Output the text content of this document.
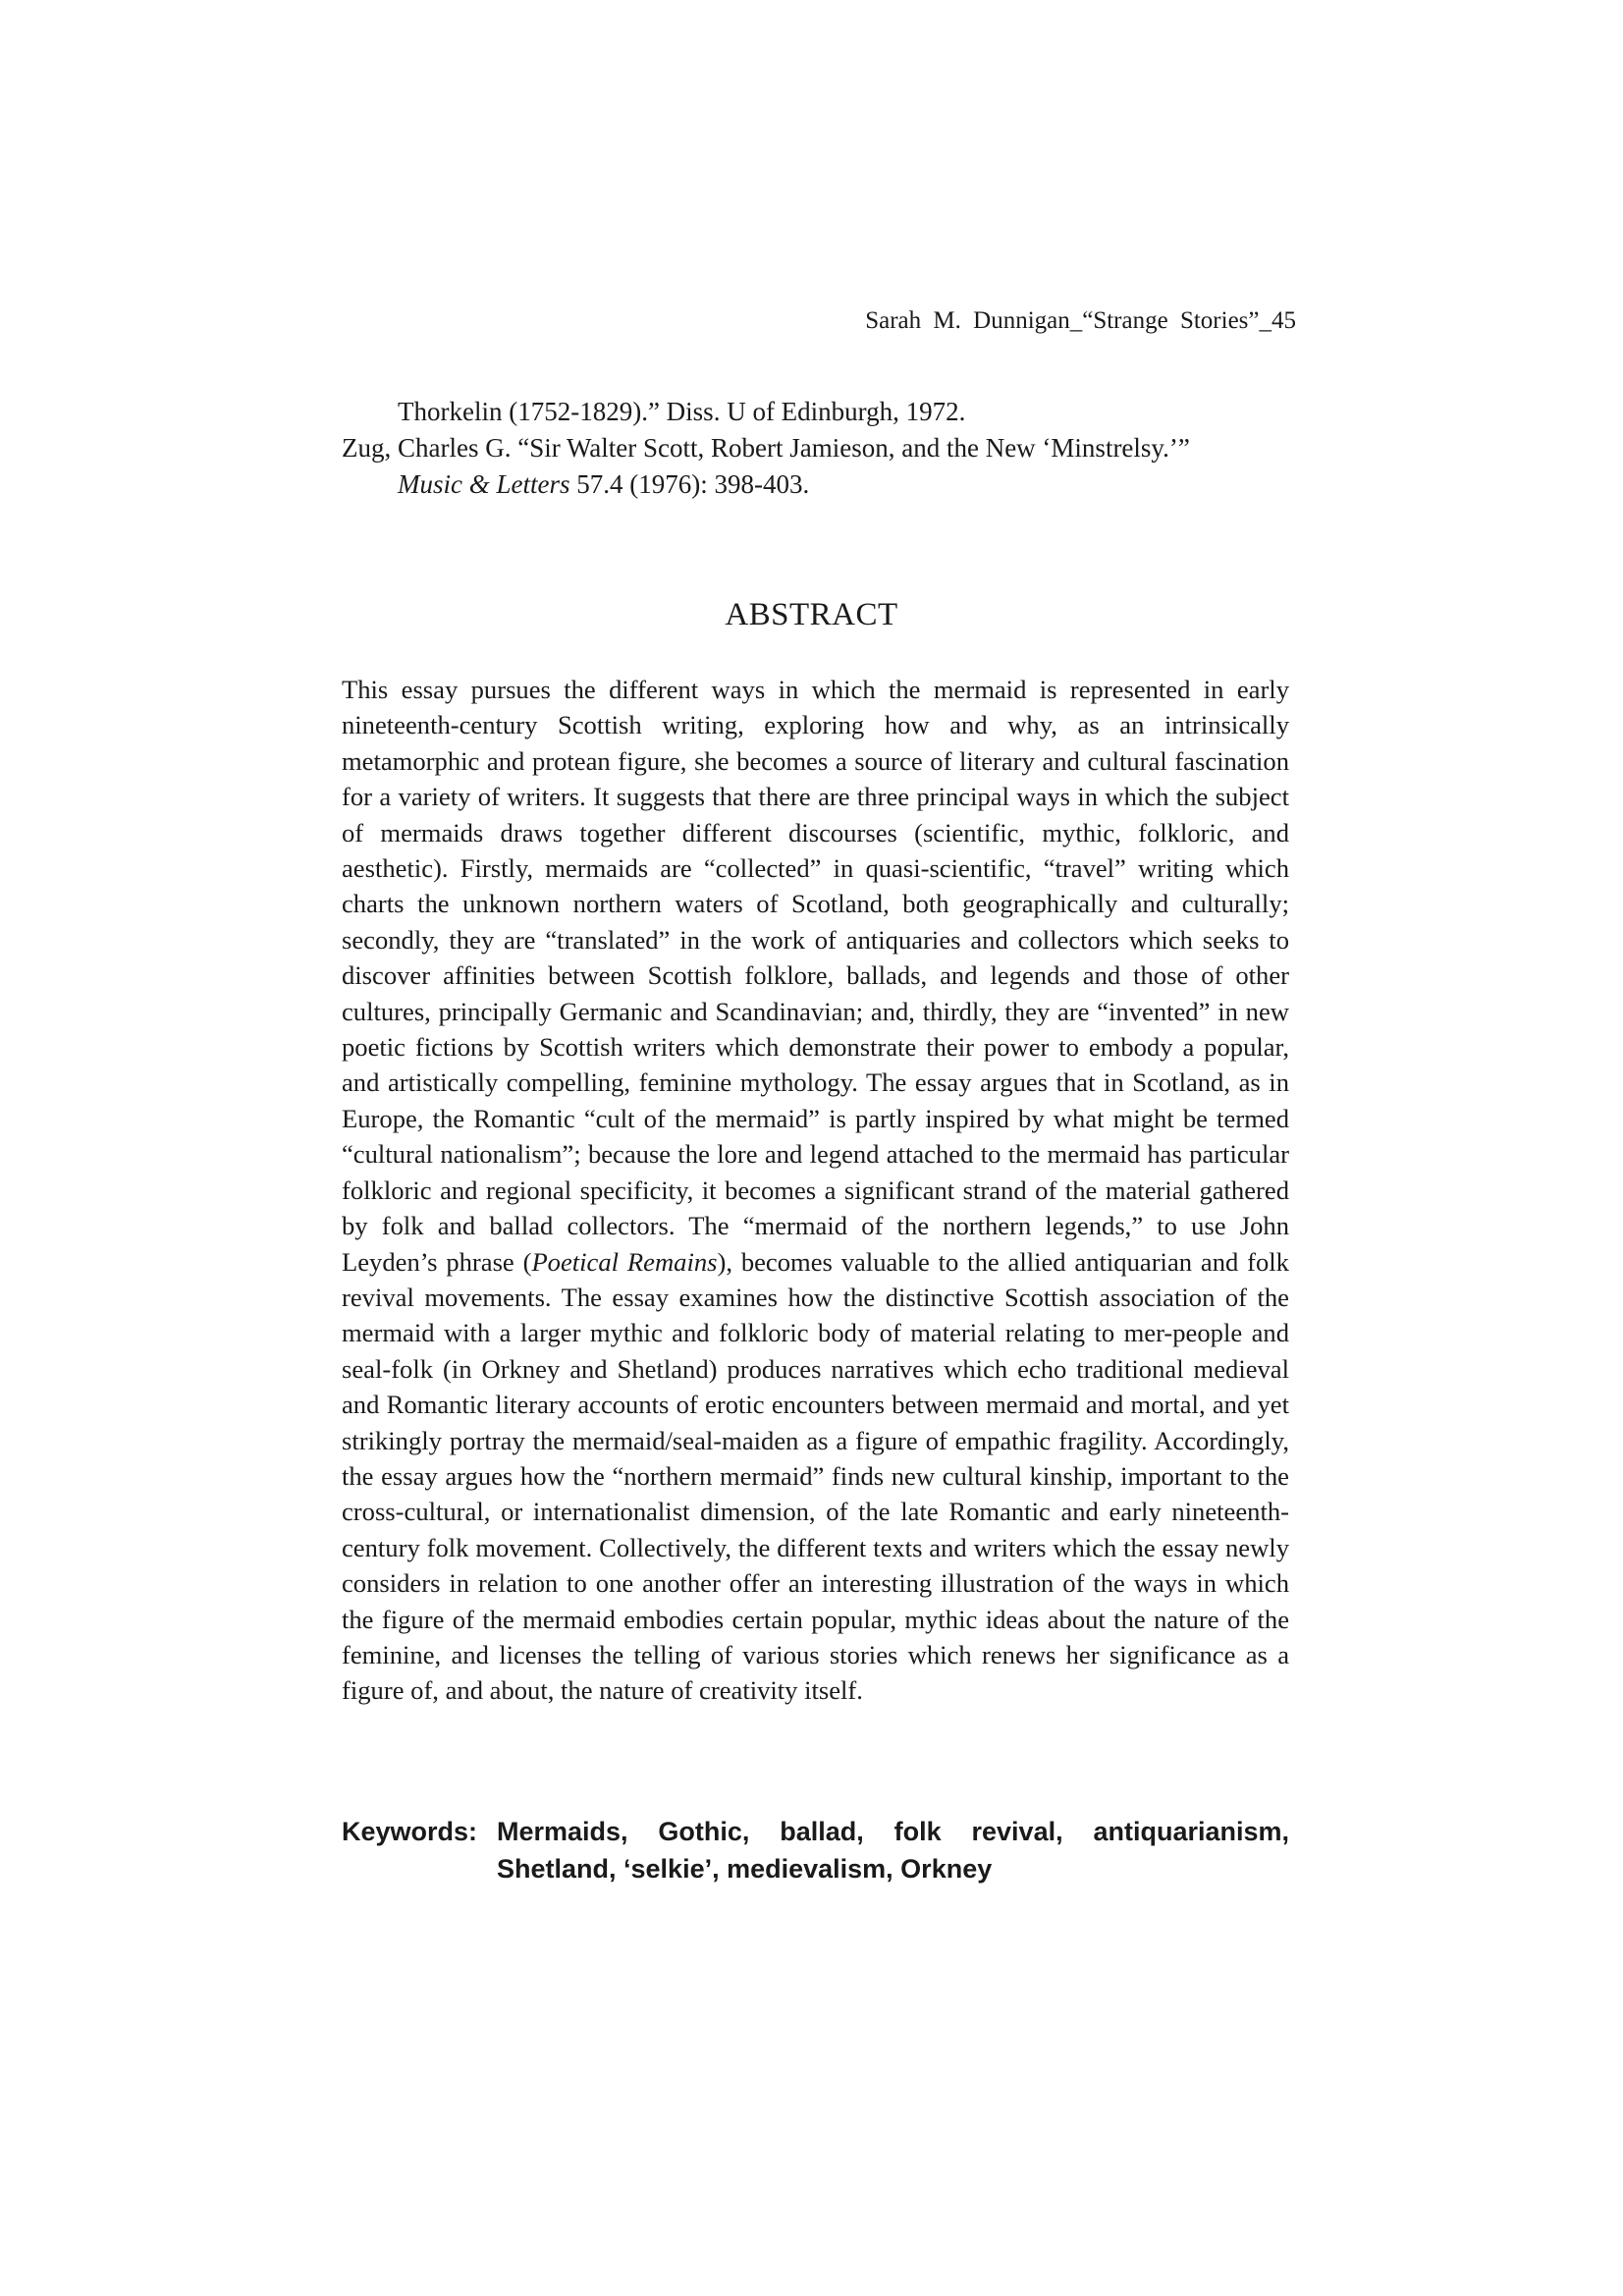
Sarah M. Dunnigan_“Strange Stories”_45
Thorkelin (1752-1829).” Diss. U of Edinburgh, 1972.
Zug, Charles G. “Sir Walter Scott, Robert Jamieson, and the New ‘Minstrelsy.’”
Music & Letters 57.4 (1976): 398-403.
ABSTRACT

This essay pursues the different ways in which the mermaid is represented in early nineteenth-century Scottish writing, exploring how and why, as an intrinsically metamorphic and protean figure, she becomes a source of literary and cultural fascination for a variety of writers. It suggests that there are three principal ways in which the subject of mermaids draws together different discourses (scientific, mythic, folkloric, and aesthetic). Firstly, mermaids are “collected” in quasi-scientific, “travel” writing which charts the unknown northern waters of Scotland, both geographically and culturally; secondly, they are “translated” in the work of antiquaries and collectors which seeks to discover affinities between Scottish folklore, ballads, and legends and those of other cultures, principally Germanic and Scandinavian; and, thirdly, they are “invented” in new poetic fictions by Scottish writers which demonstrate their power to embody a popular, and artistically compelling, feminine mythology. The essay argues that in Scotland, as in Europe, the Romantic “cult of the mermaid” is partly inspired by what might be termed “cultural nationalism”; because the lore and legend attached to the mermaid has particular folkloric and regional specificity, it becomes a significant strand of the material gathered by folk and ballad collectors. The “mermaid of the northern legends,” to use John Leyden’s phrase (Poetical Remains), becomes valuable to the allied antiquarian and folk revival movements. The essay examines how the distinctive Scottish association of the mermaid with a larger mythic and folkloric body of material relating to mer-people and seal-folk (in Orkney and Shetland) produces narratives which echo traditional medieval and Romantic literary accounts of erotic encounters between mermaid and mortal, and yet strikingly portray the mermaid/seal-maiden as a figure of empathic fragility. Accordingly, the essay argues how the “northern mermaid” finds new cultural kinship, important to the cross-cultural, or internationalist dimension, of the late Romantic and early nineteenth-century folk movement. Collectively, the different texts and writers which the essay newly considers in relation to one another offer an interesting illustration of the ways in which the figure of the mermaid embodies certain popular, mythic ideas about the nature of the feminine, and licenses the telling of various stories which renews her significance as a figure of, and about, the nature of creativity itself.

Keywords: Mermaids, Gothic, ballad, folk revival, antiquarianism,
Shetland, ‘selkie’, medievalism, Orkney
